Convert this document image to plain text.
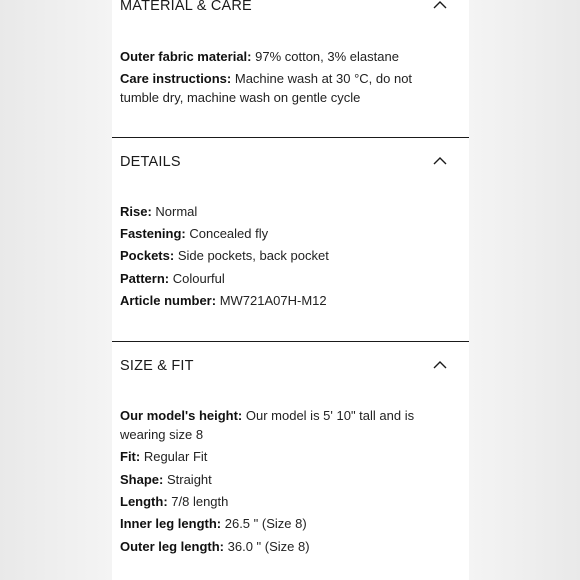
MATERIAL & CARE
Outer fabric material: 97% cotton, 3% elastane
Care instructions: Machine wash at 30 °C, do not tumble dry, machine wash on gentle cycle
DETAILS
Rise: Normal
Fastening: Concealed fly
Pockets: Side pockets, back pocket
Pattern: Colourful
Article number: MW721A07H-M12
SIZE & FIT
Our model's height: Our model is 5' 10" tall and is wearing size 8
Fit: Regular Fit
Shape: Straight
Length: 7/8 length
Inner leg length: 26.5 " (Size 8)
Outer leg length: 36.0 " (Size 8)
